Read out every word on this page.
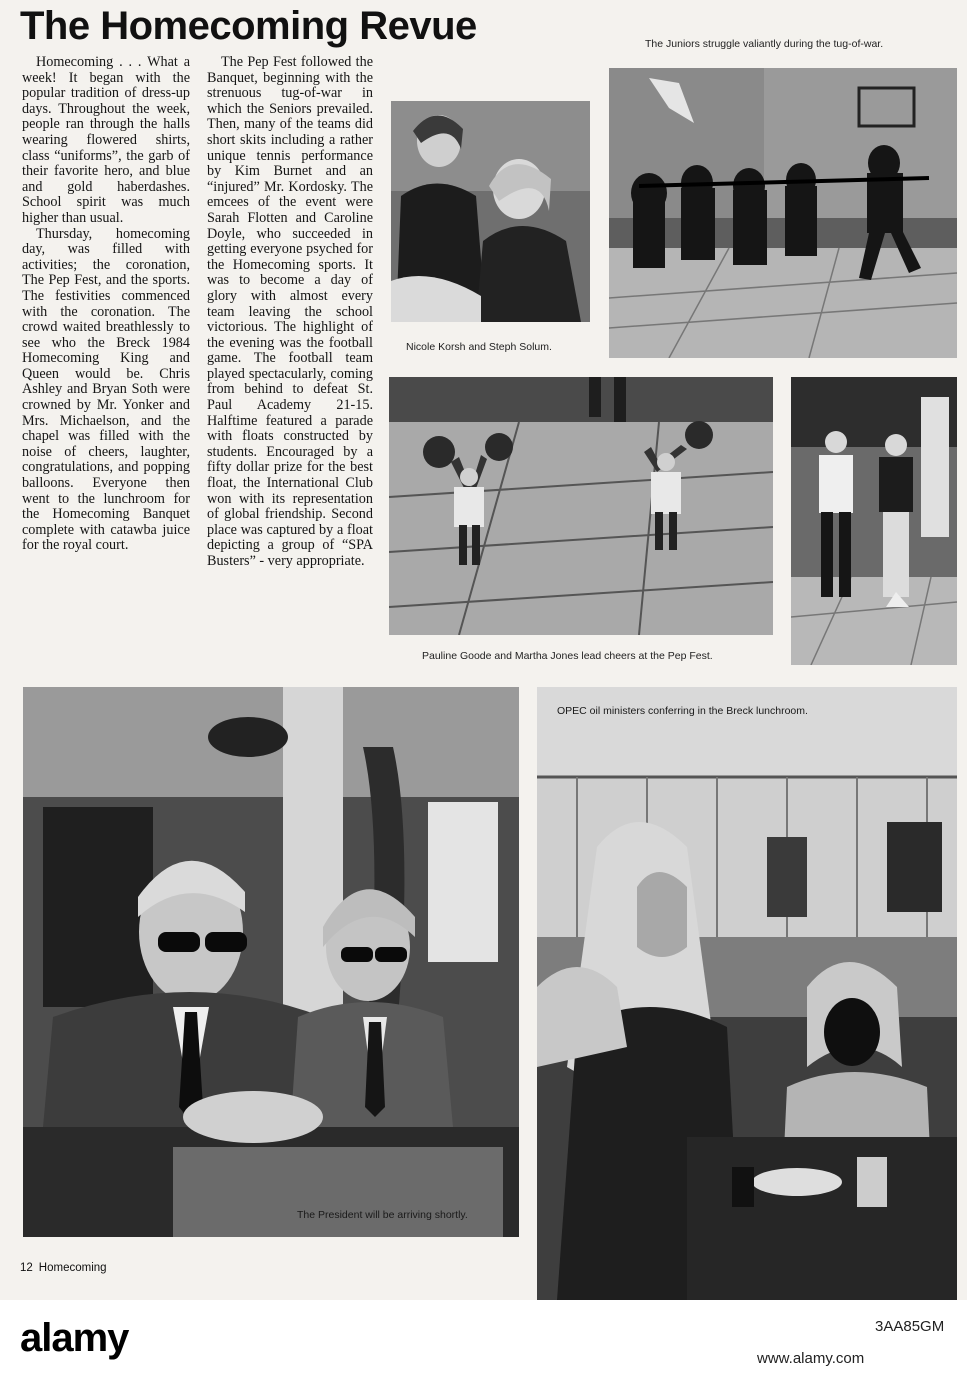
The Homecoming Revue

Homecoming . . . What a week! It began with the popular tradition of dress-up days. Throughout the week, people ran through the halls wearing flowered shirts, class “uniforms”, the garb of their favorite hero, and blue and gold haberdashes. School spirit was much higher than usual.

Thursday, homecoming day, was filled with activities; the coronation, The Pep Fest, and the sports. The festivities commenced with the coronation. The crowd waited breathlessly to see who the Breck 1984 Homecoming King and Queen would be. Chris Ashley and Bryan Soth were crowned by Mr. Yonker and Mrs. Michaelson, and the chapel was filled with the noise of cheers, laughter, congratulations, and popping balloons. Everyone then went to the lunchroom for the Homecoming Banquet complete with catawba juice for the royal court.

The Pep Fest followed the Banquet, beginning with the strenuous tug-of-war in which the Seniors prevailed. Then, many of the teams did short skits including a rather unique tennis performance by Kim Burnet and an “injured” Mr. Kordosky. The emcees of the event were Sarah Flotten and Caroline Doyle, who succeeded in getting everyone psyched for the Homecoming sports. It was to become a day of glory with almost every team leaving the school victorious. The highlight of the evening was the football game. The football team played spectacularly, coming from behind to defeat St. Paul Academy 21-15. Halftime featured a parade with floats constructed by students. Encouraged by a fifty dollar prize for the best float, the International Club won with its representation of global friendship. Second place was captured by a float depicting a group of “SPA Busters” - very appropriate.

The Juniors struggle valiantly during the tug-of-war.
Nicole Korsh and Steph Solum.
Pauline Goode and Martha Jones lead cheers at the Pep Fest.
The President will be arriving shortly.
OPEC oil ministers conferring in the Breck lunchroom.
12 Homecoming
alamy	3AA85GM
www.alamy.com
